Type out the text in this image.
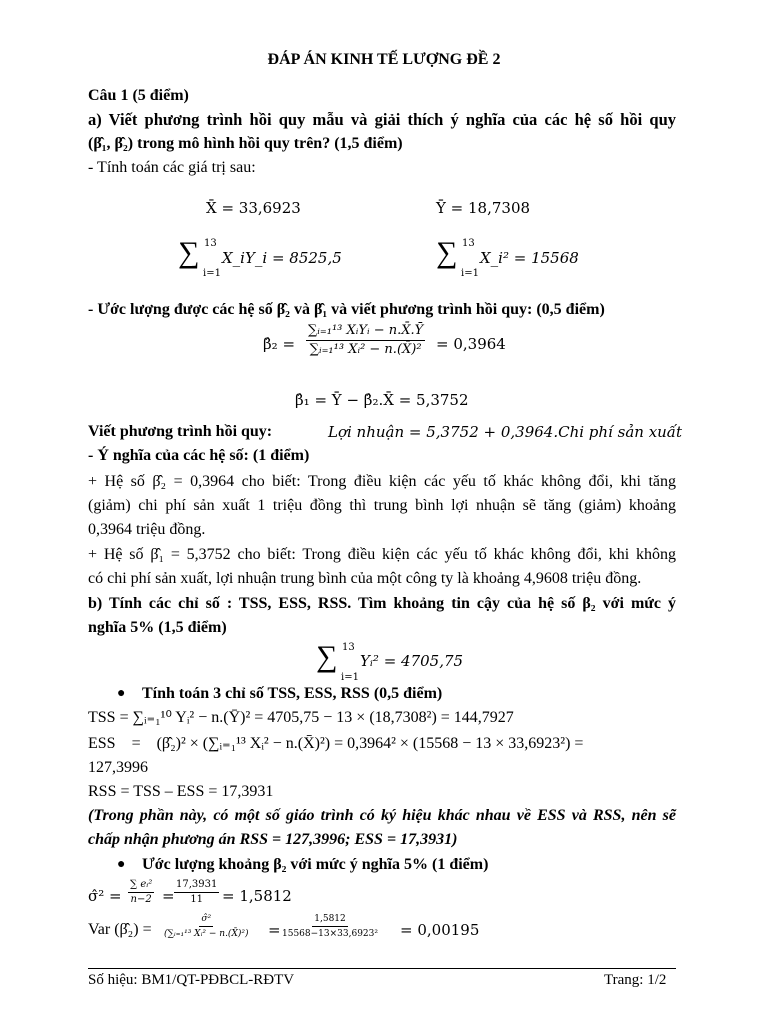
ĐÁP ÁN KINH TẾ LƯỢNG ĐỀ 2
Câu 1 (5 điểm)
a) Viết phương trình hồi quy mẫu và giải thích ý nghĩa của các hệ số hồi quy
(β̂₁, β̂₂) trong mô hình hồi quy trên? (1,5 điểm)
- Tính toán các giá trị sau:
X̄ = 33,6923	Ȳ = 18,7308
∑ 13
i=1
X_iY_i = 8525,5	∑ 13
i=1
X_i² = 15568
- Ước lượng được các hệ số β̂₂ và β̂₁ và viết phương trình hồi quy: (0,5 điểm)
β̂₂ =
∑ᵢ₌₁¹³ XᵢYᵢ − n.X̄.Ȳ
∑ᵢ₌₁¹³ Xᵢ² − n.(X̄)² = 0,3964
β̂₁ = Ȳ − β̂₂.X̄ = 5,3752
Viết phương trình hồi quy:	Lợi nhuận = 5,3752 + 0,3964.Chi phí sản xuất
- Ý nghĩa của các hệ số: (1 điểm)
+ Hệ số β̂₂ = 0,3964 cho biết: Trong điều kiện các yếu tố khác không đổi, khi tăng
(giảm) chi phí sản xuất 1 triệu đồng thì trung bình lợi nhuận sẽ tăng (giảm) khoảng
0,3964 triệu đồng.
+ Hệ số β̂₁ = 5,3752 cho biết: Trong điều kiện các yếu tố khác không đổi, khi không
có chi phí sản xuất, lợi nhuận trung bình của một công ty là khoảng 4,9608 triệu đồng.
b) Tính các chỉ số : TSS, ESS, RSS. Tìm khoảng tin cậy của hệ số β₂ với mức ý
nghĩa 5% (1,5 điểm)
∑ 13
i=1
Yᵢ² = 4705,75
● Tính toán 3 chỉ số TSS, ESS, RSS (0,5 điểm)
TSS = ∑ᵢ₌₁¹⁰ Yᵢ² − n.(Ȳ)² = 4705,75 − 13 × (18,7308²) = 144,7927
ESS    =    (β̂₂)² × (∑ᵢ₌₁¹³ Xᵢ² − n.(X̄)²) = 0,3964² × (15568 − 13 × 33,6923²) =
127,3996
RSS = TSS – ESS = 17,3931
(Trong phần này, có một số giáo trình có ký hiệu khác nhau về ESS và RSS, nên sẽ
chấp nhận phương án RSS = 127,3996; ESS = 17,3931)
● Ước lượng khoảng β₂ với mức ý nghĩa 5% (1 điểm)
σ̂² = $\frac{\text{∑ eᵢ²}}{n-2} = \frac{17,3931}{11} = 1,5812$
Var (β̂₂) = $\frac{\text{σ̂²}}{\text{(∑ᵢ₌₁¹³ Xᵢ² − n.(X̄)²)}} = \frac{1,5812}{\text{15568−13×33,6923²}} = 0,00195$
Số hiệu: BM1/QT-PĐBCL-RĐTV	Trang: 1/2
